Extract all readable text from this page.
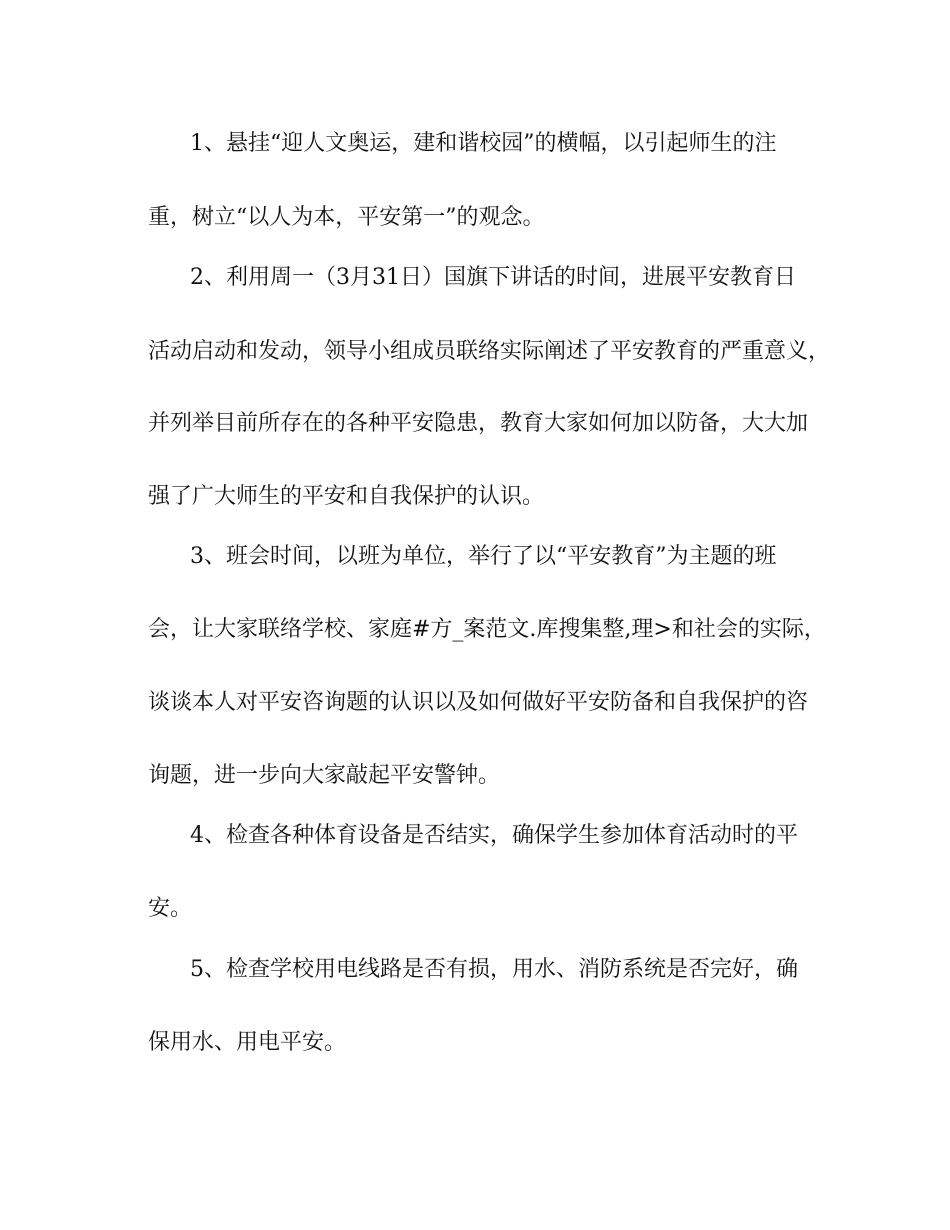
1、悬挂“迎人文奥运，建和谐校园”的横幅，以引起师生的注
重，树立“以人为本，平安第一”的观念。
2、利用周一（3月31日）国旗下讲话的时间，进展平安教育日
活动启动和发动，领导小组成员联络实际阐述了平安教育的严重意义，
并列举目前所存在的各种平安隐患，教育大家如何加以防备，大大加
强了广大师生的平安和自我保护的认识。
3、班会时间，以班为单位，举行了以“平安教育”为主题的班
会，让大家联络学校、家庭#方_案范文.库搜集整,理>和社会的实际，
谈谈本人对平安咨询题的认识以及如何做好平安防备和自我保护的咨
询题，进一步向大家敲起平安警钟。
4、检查各种体育设备是否结实，确保学生参加体育活动时的平
安。
5、检查学校用电线路是否有损，用水、消防系统是否完好，确
保用水、用电平安。
